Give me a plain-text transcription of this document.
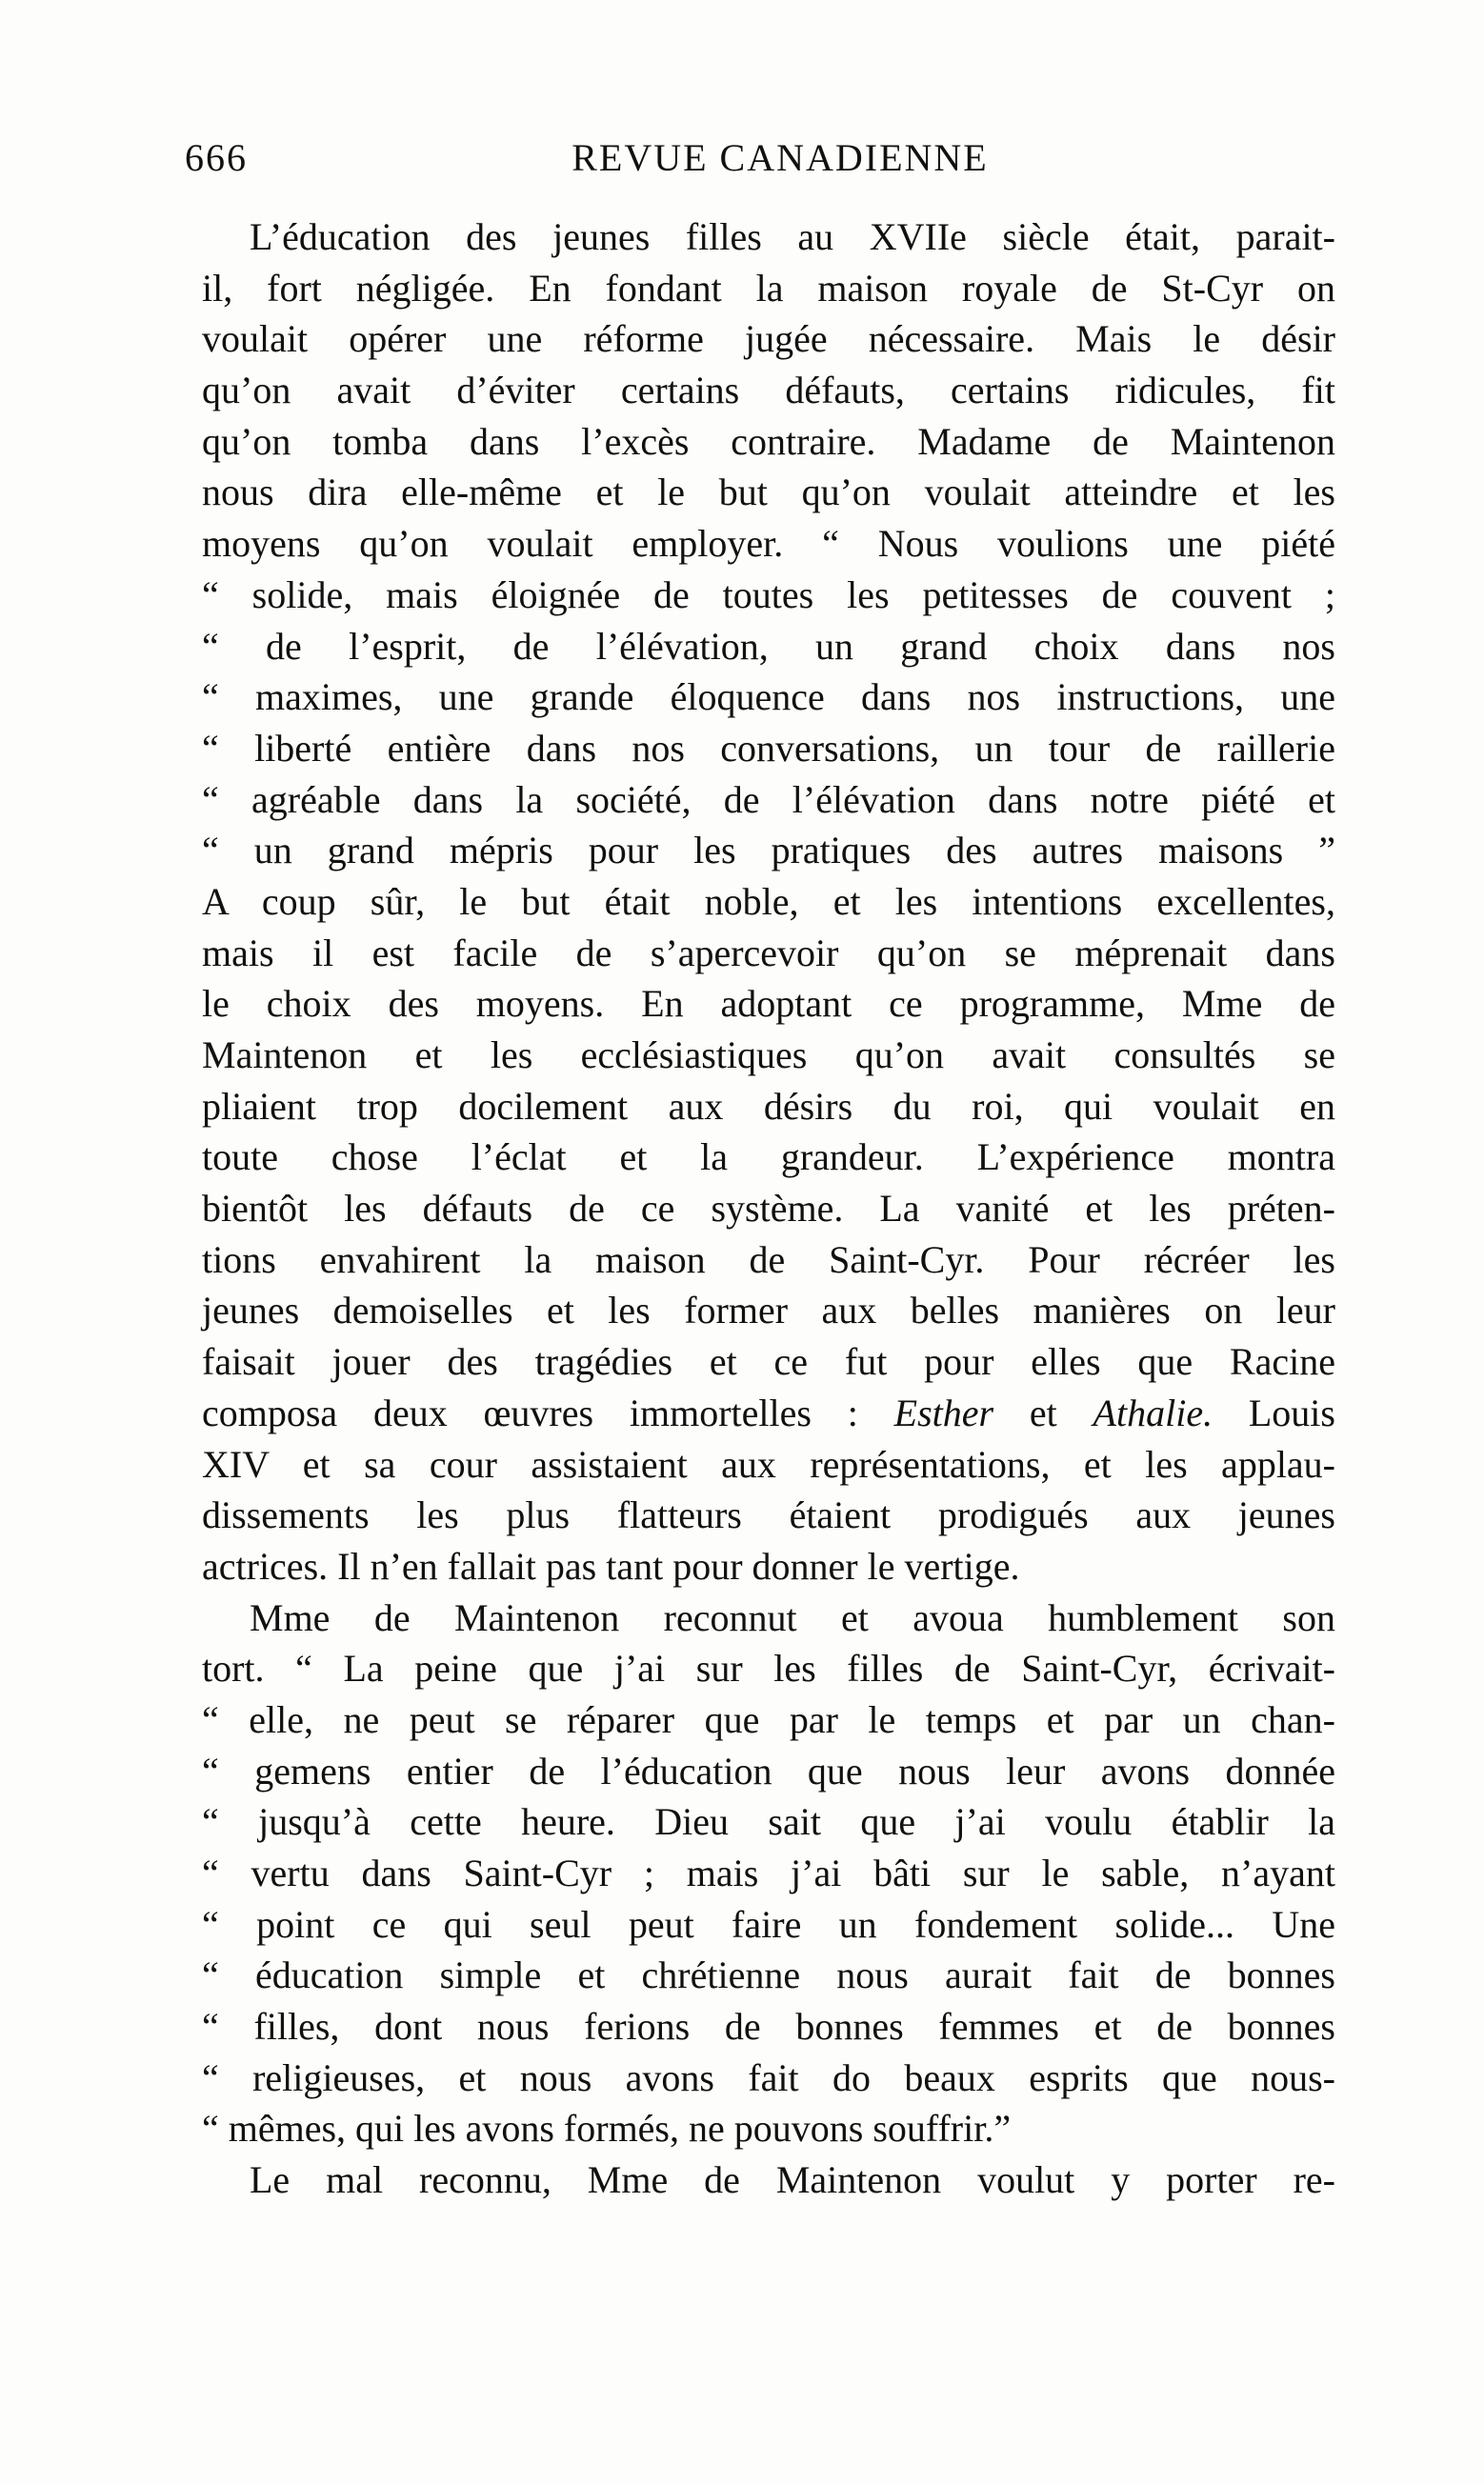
666	REVUE CANADIENNE
L’éducation des jeunes filles au XVIIe siècle était, parait-
il, fort négligée. En fondant la maison royale de St-Cyr on
voulait opérer une réforme jugée nécessaire. Mais le désir
qu’on avait d’éviter certains défauts, certains ridicules, fit
qu’on tomba dans l’excès contraire. Madame de Maintenon
nous dira elle-même et le but qu’on voulait atteindre et les
moyens qu’on voulait employer. “ Nous voulions une piété
“ solide, mais éloignée de toutes les petitesses de couvent ;
“ de l’esprit, de l’élévation, un grand choix dans nos
“ maximes, une grande éloquence dans nos instructions, une
“ liberté entière dans nos conversations, un tour de raillerie
“ agréable dans la société, de l’élévation dans notre piété et
“ un grand mépris pour les pratiques des autres maisons ”
A coup sûr, le but était noble, et les intentions excellentes,
mais il est facile de s’apercevoir qu’on se méprenait dans
le choix des moyens. En adoptant ce programme, Mme de
Maintenon et les ecclésiastiques qu’on avait consultés se
pliaient trop docilement aux désirs du roi, qui voulait en
toute chose l’éclat et la grandeur. L’expérience montra
bientôt les défauts de ce système. La vanité et les préten-
tions envahirent la maison de Saint-Cyr. Pour récréer les
jeunes demoiselles et les former aux belles manières on leur
faisait jouer des tragédies et ce fut pour elles que Racine
composa deux œuvres immortelles : Esther et Athalie. Louis
XIV et sa cour assistaient aux représentations, et les applau-
dissements les plus flatteurs étaient prodigués aux jeunes
actrices. Il n’en fallait pas tant pour donner le vertige.
Mme de Maintenon reconnut et avoua humblement son
tort. “ La peine que j’ai sur les filles de Saint-Cyr, écrivait-
“ elle, ne peut se réparer que par le temps et par un chan-
“ gemens entier de l’éducation que nous leur avons donnée
“ jusqu’à cette heure. Dieu sait que j’ai voulu établir la
“ vertu dans Saint-Cyr ; mais j’ai bâti sur le sable, n’ayant
“ point ce qui seul peut faire un fondement solide... Une
“ éducation simple et chrétienne nous aurait fait de bonnes
“ filles, dont nous ferions de bonnes femmes et de bonnes
“ religieuses, et nous avons fait do beaux esprits que nous-
“ mêmes, qui les avons formés, ne pouvons souffrir.”
Le mal reconnu, Mme de Maintenon voulut y porter re-
